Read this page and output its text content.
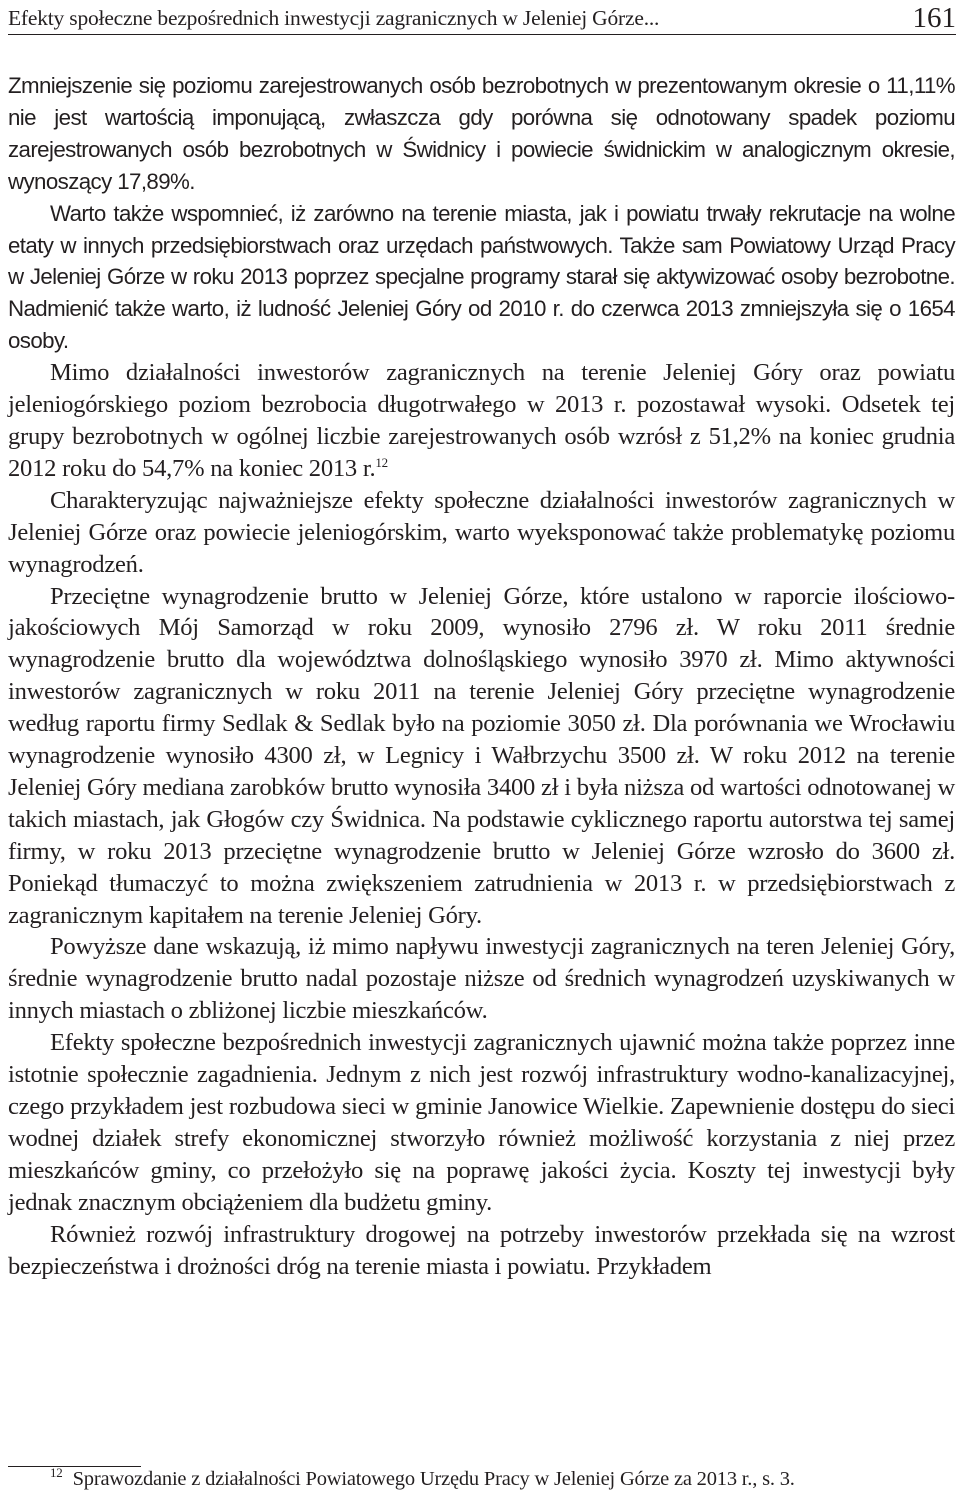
Efekty społeczne bezpośrednich inwestycji zagranicznych w Jeleniej Górze...	161

Zmniejszenie się poziomu zarejestrowanych osób bezrobotnych w prezentowanym okresie o 11,11% nie jest wartością imponującą, zwłaszcza gdy porówna się odnotowany spadek poziomu zarejestrowanych osób bezrobotnych w Świdnicy i powiecie świdnickim w analogicznym okresie, wynoszący 17,89%.

Warto także wspomnieć, iż zarówno na terenie miasta, jak i powiatu trwały rekrutacje na wolne etaty w innych przedsiębiorstwach oraz urzędach państwowych. Także sam Powiatowy Urząd Pracy w Jeleniej Górze w roku 2013 poprzez specjalne programy starał się aktywizować osoby bezrobotne. Nadmienić także warto, iż ludność Jeleniej Góry od 2010 r. do czerwca 2013 zmniejszyła się o 1654 osoby.

Mimo działalności inwestorów zagranicznych na terenie Jeleniej Góry oraz powiatu jeleniogórskiego poziom bezrobocia długotrwałego w 2013 r. pozostawał wysoki. Odsetek tej grupy bezrobotnych w ogólnej liczbie zarejestrowanych osób wzrósł z 51,2% na koniec grudnia 2012 roku do 54,7% na koniec 2013 r.$^{12}$

Charakteryzując najważniejsze efekty społeczne działalności inwestorów zagranicznych w Jeleniej Górze oraz powiecie jeleniogórskim, warto wyeksponować także problematykę poziomu wynagrodzeń.

Przeciętne wynagrodzenie brutto w Jeleniej Górze, które ustalono w raporcie ilościowo-jakościowych Mój Samorząd w roku 2009, wynosiło 2796 zł. W roku 2011 średnie wynagrodzenie brutto dla województwa dolnośląskiego wynosiło 3970 zł. Mimo aktywności inwestorów zagranicznych w roku 2011 na terenie Jeleniej Góry przeciętne wynagrodzenie według raportu firmy Sedlak & Sedlak było na poziomie 3050 zł. Dla porównania we Wrocławiu wynagrodzenie wynosiło 4300 zł, w Legnicy i Wałbrzychu 3500 zł. W roku 2012 na terenie Jeleniej Góry mediana zarobków brutto wynosiła 3400 zł i była niższa od wartości odnotowanej w takich miastach, jak Głogów czy Świdnica. Na podstawie cyklicznego raportu autorstwa tej samej firmy, w roku 2013 przeciętne wynagrodzenie brutto w Jeleniej Górze wzrosło do 3600 zł. Poniekąd tłumaczyć to można zwiększeniem zatrudnienia w 2013 r. w przedsiębiorstwach z zagranicznym kapitałem na terenie Jeleniej Góry.

Powyższe dane wskazują, iż mimo napływu inwestycji zagranicznych na teren Jeleniej Góry, średnie wynagrodzenie brutto nadal pozostaje niższe od średnich wynagrodzeń uzyskiwanych w innych miastach o zbliżonej liczbie mieszkańców.

Efekty społeczne bezpośrednich inwestycji zagranicznych ujawnić można także poprzez inne istotnie społecznie zagadnienia. Jednym z nich jest rozwój infrastruktury wodno-kanalizacyjnej, czego przykładem jest rozbudowa sieci w gminie Janowice Wielkie. Zapewnienie dostępu do sieci wodnej działek strefy ekonomicznej stworzyło również możliwość korzystania z niej przez mieszkańców gminy, co przełożyło się na poprawę jakości życia. Koszty tej inwestycji były jednak znacznym obciążeniem dla budżetu gminy.

Również rozwój infrastruktury drogowej na potrzeby inwestorów przekłada się na wzrost bezpieczeństwa i drożności dróg na terenie miasta i powiatu. Przykładem

$^{12}$ Sprawozdanie z działalności Powiatowego Urzędu Pracy w Jeleniej Górze za 2013 r., s. 3.
